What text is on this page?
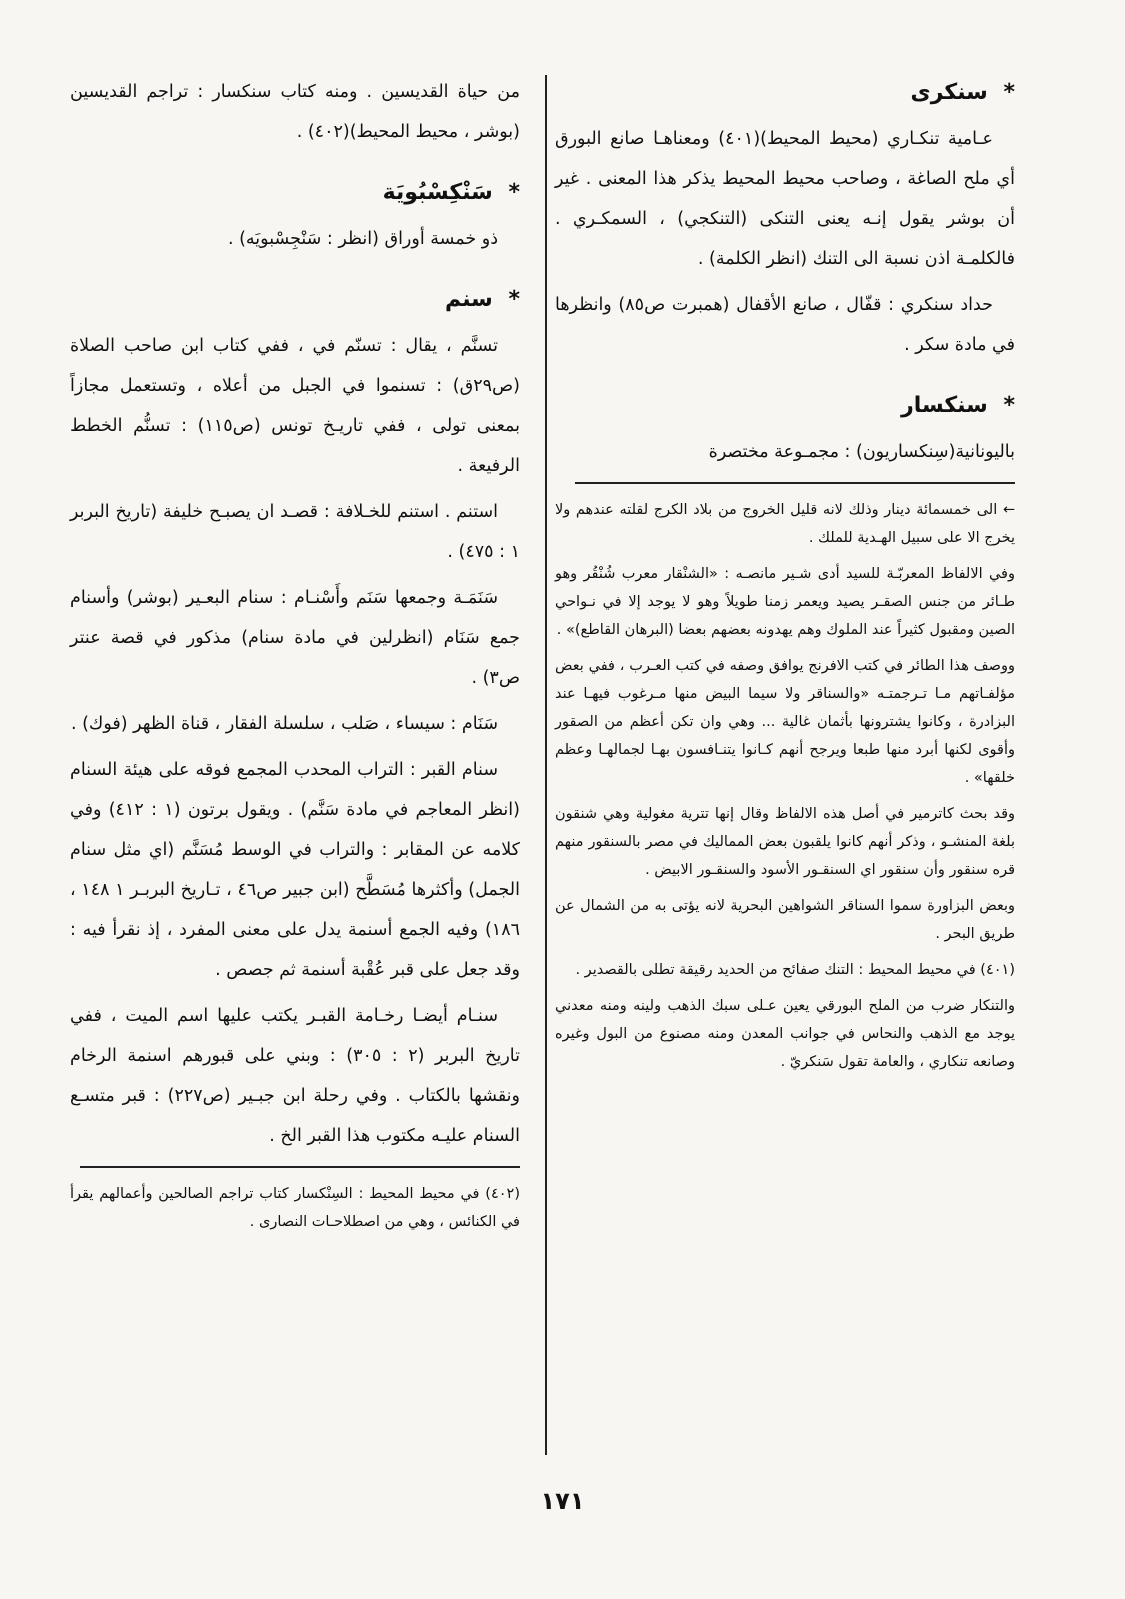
* سنكرى

عـامية تنكـاري (محيط المحيط)(٤٠١) ومعناهـا صانع البورق أي ملح الصاغة ، وصاحب محيط المحيط يذكر هذا المعنى . غير أن بوشر يقول إنـه يعنى التنكى (التنكجي) ، السمكـري . فالكلمـة اذن نسبة الى التنك (انظر الكلمة) .

حداد سنكري : قفّال ، صانع الأقفال (همبرت ص٨٥) وانظرها في مادة سكر .

* سنكسار

باليونانية(سِنكساريون) : مجمـوعة مختصرة

← الى خمسمائة دينار وذلك لانه قليل الخروج من بلاد الكرج لقلته عندهم ولا يخرج الا على سبيل الهـدية للملك .

وفي الالفاظ المعربّـة للسيد أدى شـير مانصـه : «الشنْقار معرب شُنْقُر وهو طـائر من جنس الصقـر يصيد ويعمر زمنا طويلاً وهو لا يوجد إلا في نـواحي الصين ومقبول كثيراً عند الملوك وهم يهدونه بعضهم بعضا (البرهان القاطع)» .

ووصف هذا الطائر في كتب الافرنج يوافق وصفه في كتب العـرب ، ففي بعض مؤلفـاتهم مـا تـرجمتـه «والسناقر ولا سيما البيض منها مـرغوب فيهـا عند البزادرة ، وكانوا يشترونها بأثمان غالية ... وهي وان تكن أعظم من الصقور وأقوى لكنها أبرد منها طبعا ويرجح أنهم كـانوا يتنـافسون بهـا لجمالهـا وعظم خلقها» .

وقد بحث كاترمير في أصل هذه الالفاظ وقال إنها تترية مغولية وهي شنقون بلغة المنشـو ، وذكر أنهم كانوا يلقبون بعض المماليك في مصر بالسنقور منهم قره سنقور وأن سنقور اي السنقـور الأسود والسنقـور الابيض .

وبعض البزاورة سموا السناقر الشواهين البحرية لانه يؤتى به من الشمال عن طريق البحر .

(٤٠١) في محيط المحيط : التنك صفائح من الحديد رقيقة تطلى بالقصدير .

والتنكار ضرب من الملح البورقي يعين عـلى سبك الذهب ولينه ومنه معدني يوجد مع الذهب والنحاس في جوانب المعدن ومنه مصنوع من البول وغيره وصانعه تنكاري ، والعامة تقول سَنكريّ .

من حياة القديسين . ومنه كتاب سنكسار : تراجم القديسين (بوشر ، محيط المحيط)(٤٠٢) .

* سَنْكِسْبُويَة

ذو خمسة أوراق (انظر : سَنْجِسْبويَه) .

* سنم

تسنَّم ، يقال : تسنّم في ، ففي كتاب ابن صاحب الصلاة (ص٢٩ق) : تسنموا في الجبل من أعلاه ، وتستعمل مجازاً بمعنى تولى ، ففي تاريـخ تونس (ص١١٥) : تسنُّم الخطط الرفيعة .

استنم . استنم للخـلافة : قصـد ان يصبـح خليفة (تاريخ البربر ١ : ٤٧٥) .

سَنَمَـة وجمعها سَنَم وأَسْنـام : سنام البعـير (بوشر) وأسنام جمع سَنَام (انظرلين في مادة سنام) مذكور في قصة عنتر ص٣) .

سَنَام : سيساء ، صَلب ، سلسلة الفقار ، قناة الظهر (فوك) .

سنام القبر : التراب المحدب المجمع فوقه على هيئة السنام (انظر المعاجم في مادة سَنَّم) . ويقول برتون (١ : ٤١٢) وفي كلامه عن المقابر : والتراب في الوسط مُسَنَّم (اي مثل سنام الجمل) وأكثرها مُسَطَّح (ابن جبير ص٤٦ ، تـاريخ البربـر ١ ١٤٨ ، ١٨٦) وفيه الجمع أسنمة يدل على معنى المفرد ، إذ نقرأ فيه : وقد جعل على قبر عُقْبة أسنمة ثم جصص .

سنـام أيضـا رخـامة القبـر يكتب عليها اسم الميت ، ففي تاريخ البربر (٢ : ٣٠٥) : وبني على قبورهم اسنمة الرخام ونقشها بالكتاب . وفي رحلة ابن جبـير (ص٢٢٧) : قبر متسـع السنام عليـه مكتوب هذا القبر الخ .

(٤٠٢) في محيط المحيط : السِنْكسار كتاب تراجم الصالحين وأعمالهم يقرأ في الكنائس ، وهي من اصطلاحـات النصارى .

١٧١
